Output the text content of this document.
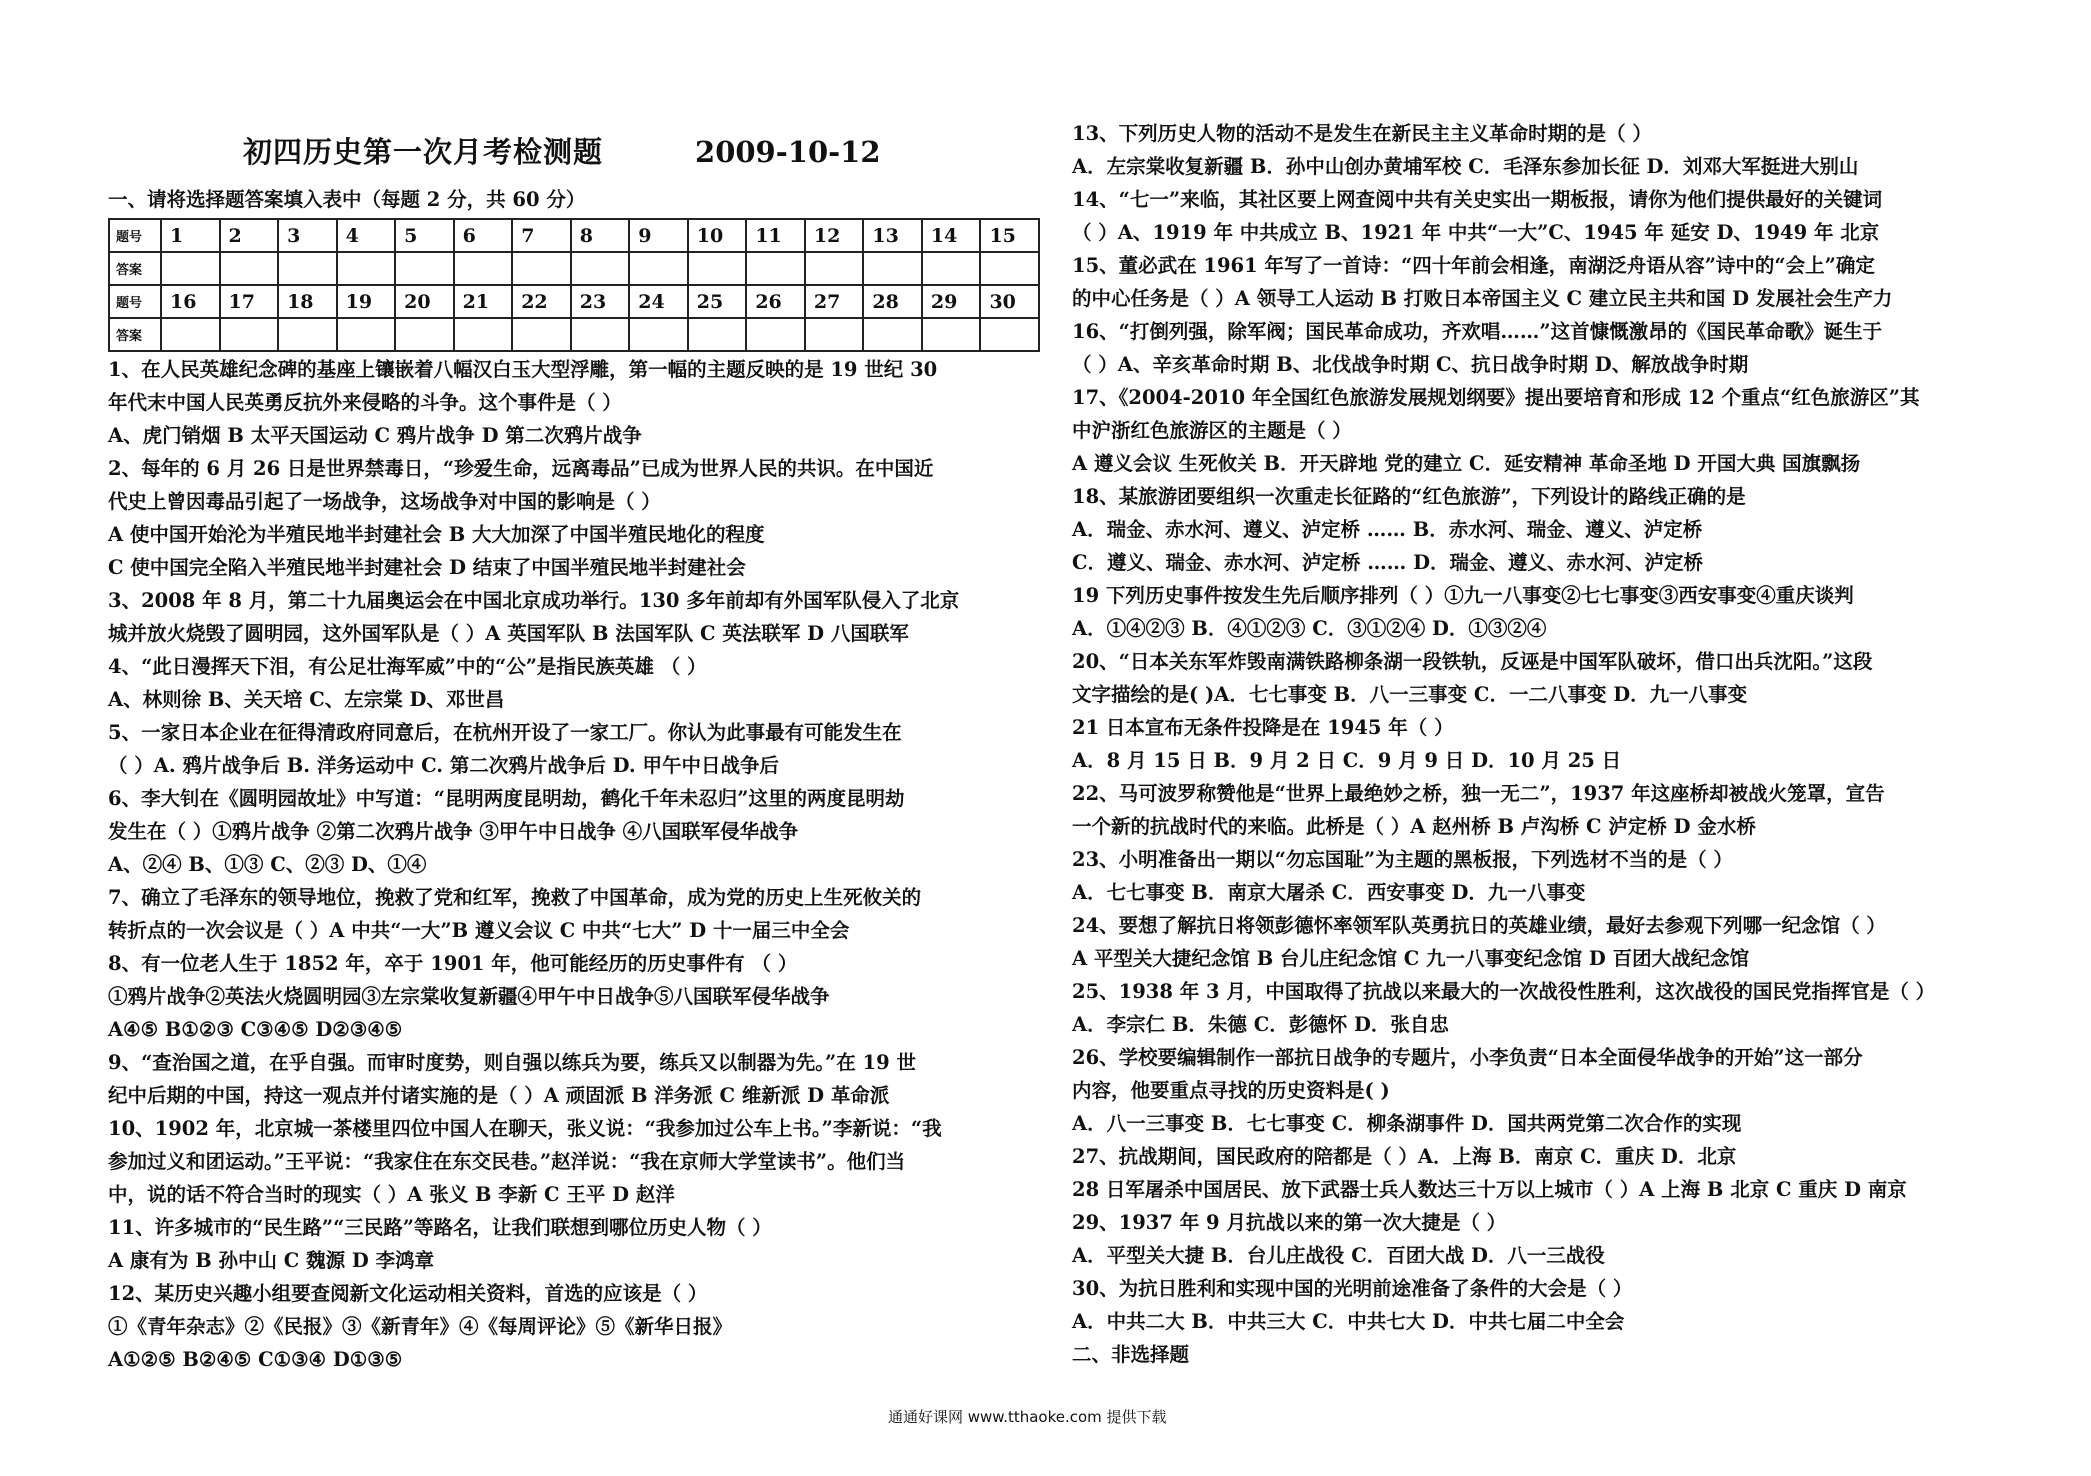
初四历史第一次月考检测题	2009-10-12
一、请将选择题答案填入表中（每题 2 分，共 60 分）
题号	1	2	3	4	5	6	7	8	9	10	11	12	13	14	15
答案															
题号	16	17	18	19	20	21	22	23	24	25	26	27	28	29	30
答案															
1、在人民英雄纪念碑的基座上镶嵌着八幅汉白玉大型浮雕，第一幅的主题反映的是 19 世纪 30
年代末中国人民英勇反抗外来侵略的斗争。这个事件是（ ）
A、虎门销烟 B 太平天国运动 C 鸦片战争 D 第二次鸦片战争
2、每年的 6 月 26 日是世界禁毒日，“珍爱生命，远离毒品”已成为世界人民的共识。在中国近
代史上曾因毒品引起了一场战争，这场战争对中国的影响是（ ）
A 使中国开始沦为半殖民地半封建社会 B 大大加深了中国半殖民地化的程度
C 使中国完全陷入半殖民地半封建社会 D 结束了中国半殖民地半封建社会
3、2008 年 8 月，第二十九届奥运会在中国北京成功举行。130 多年前却有外国军队侵入了北京
城并放火烧毁了圆明园，这外国军队是（ ）A 英国军队 B 法国军队 C 英法联军 D 八国联军
4、“此日漫挥天下泪，有公足壮海军威”中的“公”是指民族英雄 （ ）
A、林则徐 B、关天培 C、左宗棠 D、邓世昌
5、一家日本企业在征得清政府同意后，在杭州开设了一家工厂。你认为此事最有可能发生在
（ ）A. 鸦片战争后 B. 洋务运动中 C. 第二次鸦片战争后 D. 甲午中日战争后
6、李大钊在《圆明园故址》中写道：“昆明两度昆明劫，鹤化千年未忍归”这里的两度昆明劫
发生在（ ）①鸦片战争 ②第二次鸦片战争 ③甲午中日战争 ④八国联军侵华战争
A、②④ B、①③ C、②③ D、①④
7、确立了毛泽东的领导地位，挽救了党和红军，挽救了中国革命，成为党的历史上生死攸关的
转折点的一次会议是（ ）A 中共“一大”B 遵义会议 C 中共“七大” D 十一届三中全会
8、有一位老人生于 1852 年，卒于 1901 年，他可能经历的历史事件有 （ ）
①鸦片战争②英法火烧圆明园③左宗棠收复新疆④甲午中日战争⑤八国联军侵华战争
A④⑤ B①②③ C③④⑤ D②③④⑤
9、“查治国之道，在乎自强。而审时度势，则自强以练兵为要，练兵又以制器为先。”在 19 世
纪中后期的中国，持这一观点并付诸实施的是（ ）A 顽固派 B 洋务派 C 维新派 D 革命派
10、1902 年，北京城一茶楼里四位中国人在聊天，张义说：“我参加过公车上书。”李新说：“我
参加过义和团运动。”王平说：“我家住在东交民巷。”赵洋说：“我在京师大学堂读书”。他们当
中，说的话不符合当时的现实（ ）A 张义 B 李新 C 王平 D 赵洋
11、许多城市的“民生路”“三民路”等路名，让我们联想到哪位历史人物（ ）
A 康有为 B 孙中山 C 魏源 D 李鸿章
12、某历史兴趣小组要查阅新文化运动相关资料，首选的应该是（ ）
①《青年杂志》②《民报》③《新青年》④《每周评论》⑤《新华日报》
A①②⑤ B②④⑤ C①③④ D①③⑤
13、下列历史人物的活动不是发生在新民主主义革命时期的是（ ）
A．左宗棠收复新疆 B．孙中山创办黄埔军校 C．毛泽东参加长征 D．刘邓大军挺进大别山
14、“七一”来临，其社区要上网查阅中共有关史实出一期板报，请你为他们提供最好的关键词
（ ）A、1919 年 中共成立 B、1921 年 中共“一大”C、1945 年 延安 D、1949 年 北京
15、董必武在 1961 年写了一首诗：“四十年前会相逢，南湖泛舟语从容”诗中的“会上”确定
的中心任务是（ ）A 领导工人运动 B 打败日本帝国主义 C 建立民主共和国 D 发展社会生产力
16、“打倒列强，除军阀；国民革命成功，齐欢唱……”这首慷慨激昂的《国民革命歌》诞生于
（ ）A、辛亥革命时期 B、北伐战争时期 C、抗日战争时期 D、解放战争时期
17、《2004-2010 年全国红色旅游发展规划纲要》提出要培育和形成 12 个重点“红色旅游区”其
中沪浙红色旅游区的主题是（ ）
A 遵义会议 生死攸关 B．开天辟地 党的建立 C．延安精神 革命圣地 D 开国大典 国旗飘扬
18、某旅游团要组织一次重走长征路的“红色旅游”，下列设计的路线正确的是
A．瑞金、赤水河、遵义、泸定桥 …… B．赤水河、瑞金、遵义、泸定桥
C．遵义、瑞金、赤水河、泸定桥 …… D．瑞金、遵义、赤水河、泸定桥
19 下列历史事件按发生先后顺序排列（ ）①九一八事变②七七事变③西安事变④重庆谈判
A．①④②③ B．④①②③ C．③①②④ D．①③②④
20、“日本关东军炸毁南满铁路柳条湖一段铁轨，反诬是中国军队破坏，借口出兵沈阳。”这段
文字描绘的是( )A．七七事变 B．八一三事变 C．一二八事变 D．九一八事变
21 日本宣布无条件投降是在 1945 年（ ）
A．8 月 15 日 B．9 月 2 日 C．9 月 9 日 D．10 月 25 日
22、马可波罗称赞他是“世界上最绝妙之桥，独一无二”，1937 年这座桥却被战火笼罩，宣告
一个新的抗战时代的来临。此桥是（ ）A 赵州桥 B 卢沟桥 C 泸定桥 D 金水桥
23、小明准备出一期以“勿忘国耻”为主题的黑板报，下列选材不当的是（ ）
A．七七事变 B．南京大屠杀 C．西安事变 D．九一八事变
24、要想了解抗日将领彭德怀率领军队英勇抗日的英雄业绩，最好去参观下列哪一纪念馆（ ）
A 平型关大捷纪念馆 B 台儿庄纪念馆 C 九一八事变纪念馆 D 百团大战纪念馆
25、1938 年 3 月，中国取得了抗战以来最大的一次战役性胜利，这次战役的国民党指挥官是（ ）
A．李宗仁 B．朱德 C．彭德怀 D．张自忠
26、学校要编辑制作一部抗日战争的专题片，小李负责“日本全面侵华战争的开始”这一部分
内容，他要重点寻找的历史资料是( )
A．八一三事变 B．七七事变 C．柳条湖事件 D．国共两党第二次合作的实现
27、抗战期间，国民政府的陪都是（ ）A．上海 B．南京 C．重庆 D．北京
28 日军屠杀中国居民、放下武器士兵人数达三十万以上城市（ ）A 上海 B 北京 C 重庆 D 南京
29、1937 年 9 月抗战以来的第一次大捷是（ ）
A．平型关大捷 B．台儿庄战役 C．百团大战 D．八一三战役
30、为抗日胜利和实现中国的光明前途准备了条件的大会是（ ）
A．中共二大 B．中共三大 C．中共七大 D．中共七届二中全会
二、非选择题
通通好课网 www.tthaoke.com 提供下载
